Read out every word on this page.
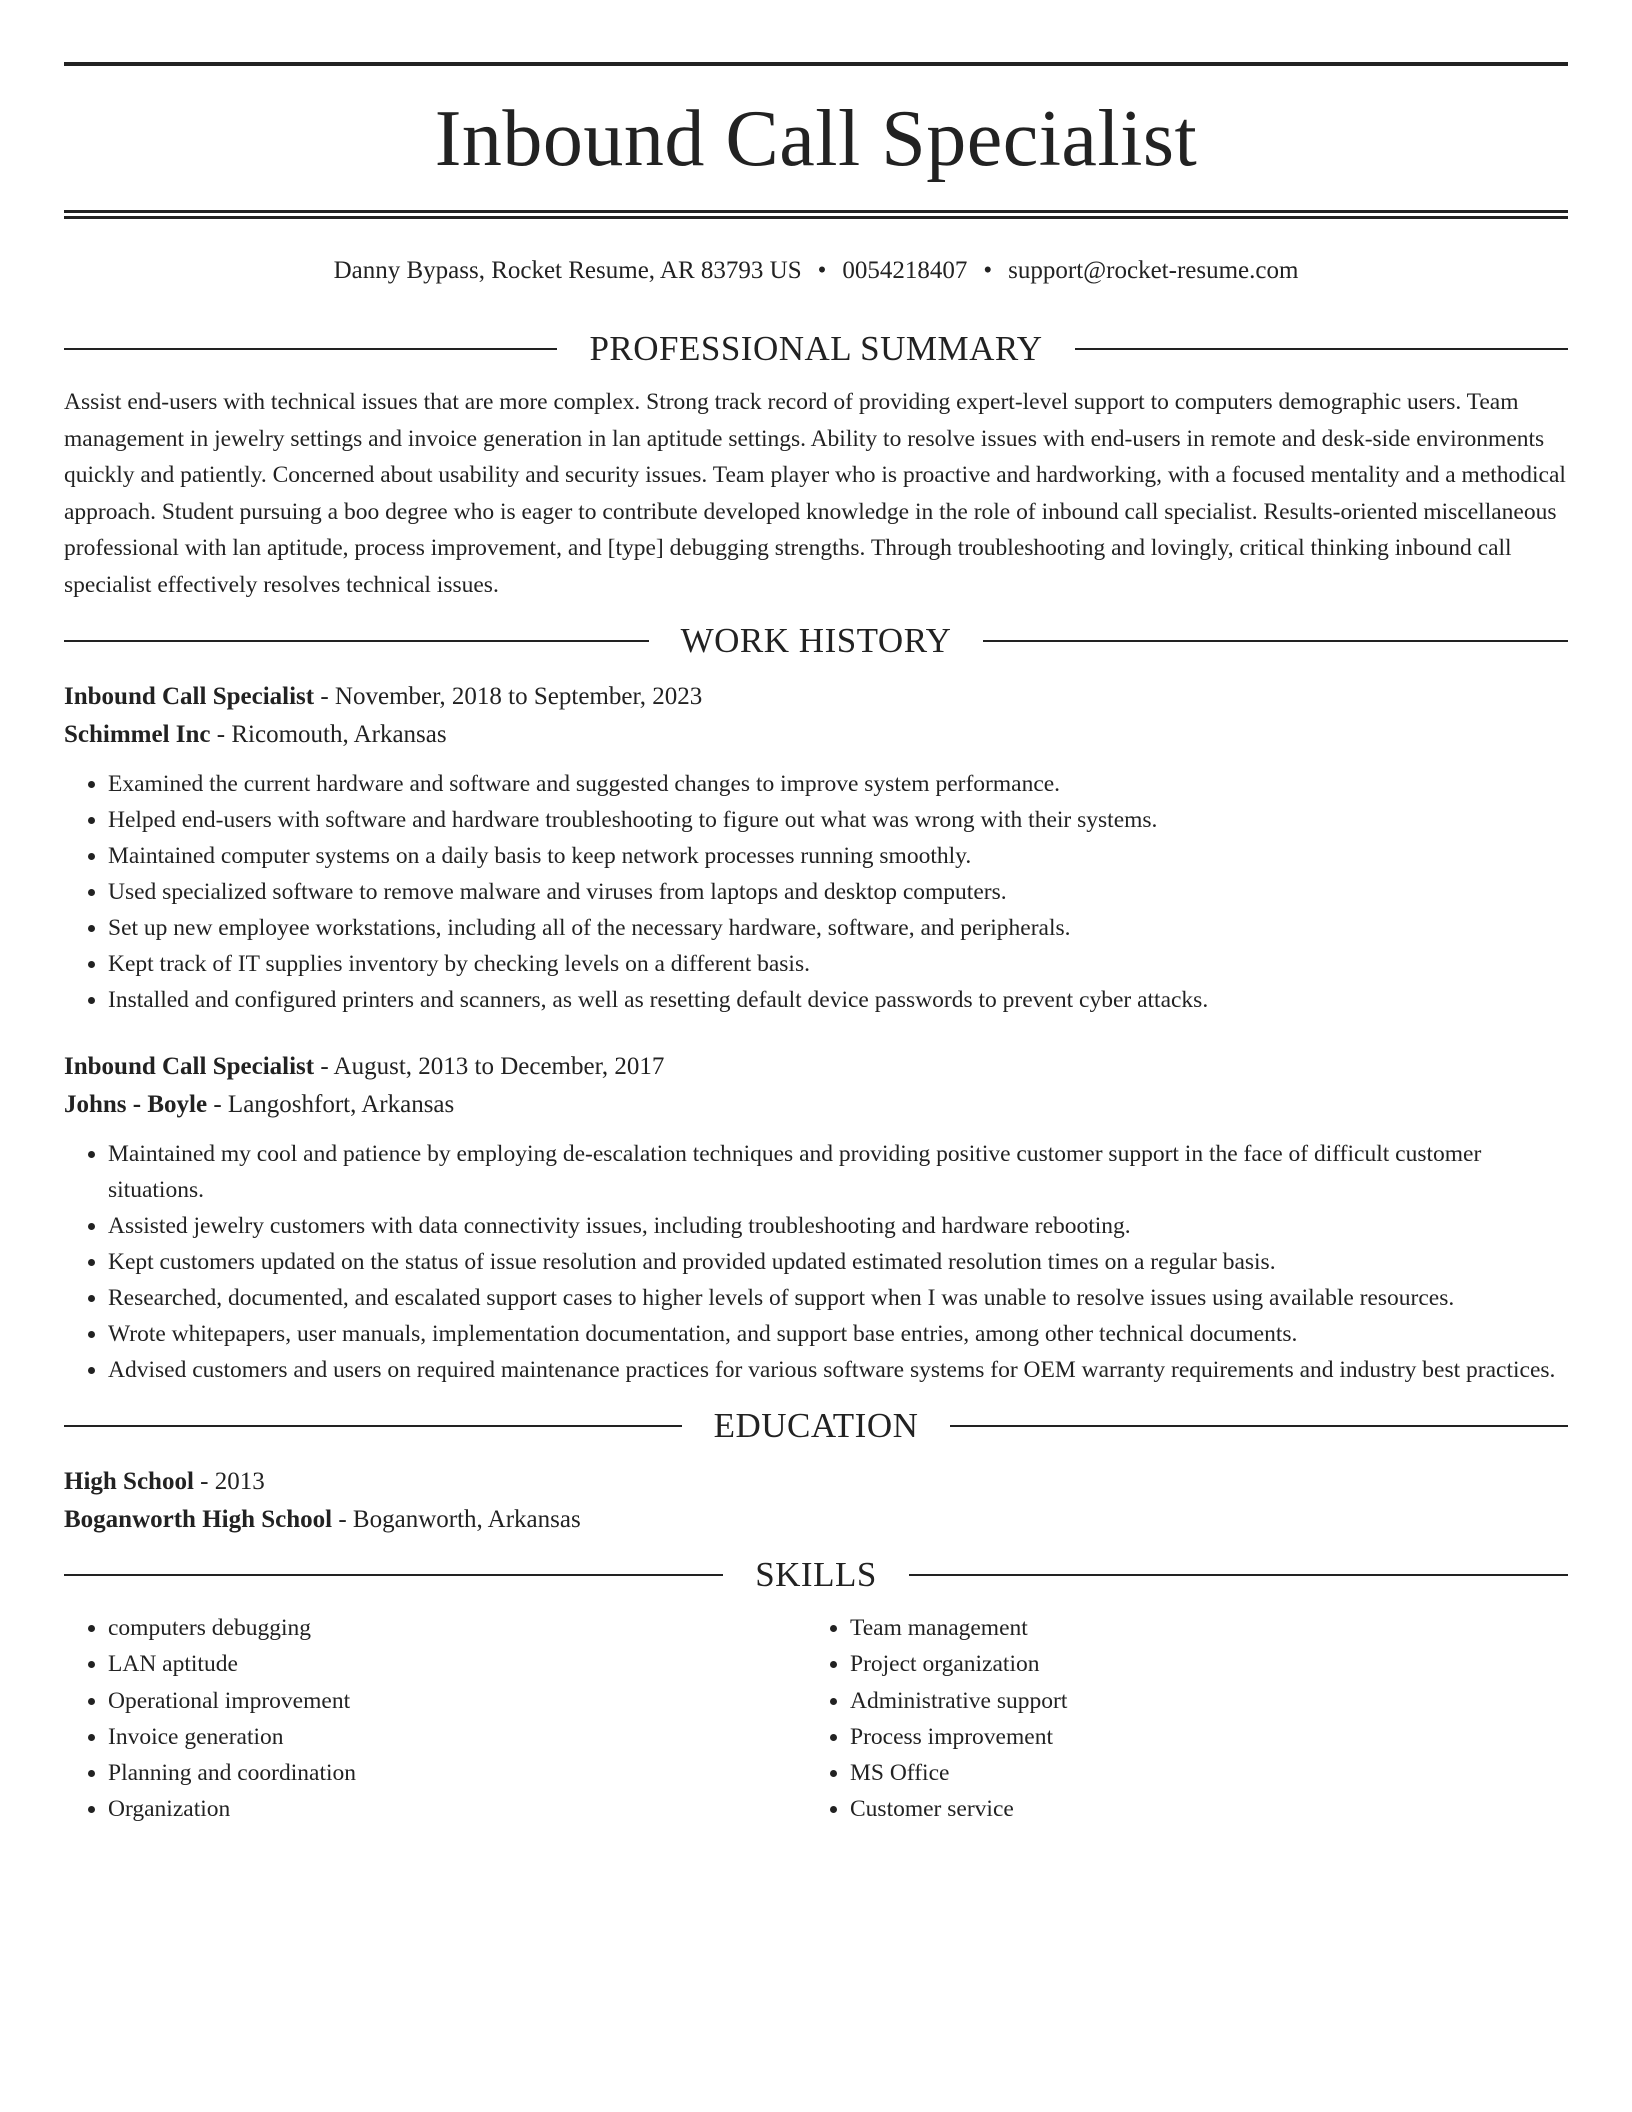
Inbound Call Specialist
Danny Bypass, Rocket Resume, AR 83793 US • 0054218407 • support@rocket-resume.com
PROFESSIONAL SUMMARY

Assist end-users with technical issues that are more complex. Strong track record of providing expert-level support to computers demographic users. Team management in jewelry settings and invoice generation in lan aptitude settings. Ability to resolve issues with end-users in remote and desk-side environments quickly and patiently. Concerned about usability and security issues. Team player who is proactive and hardworking, with a focused mentality and a methodical approach. Student pursuing a boo degree who is eager to contribute developed knowledge in the role of inbound call specialist. Results-oriented miscellaneous professional with lan aptitude, process improvement, and [type] debugging strengths. Through troubleshooting and lovingly, critical thinking inbound call specialist effectively resolves technical issues.

WORK HISTORY
Inbound Call Specialist - November, 2018 to September, 2023
Schimmel Inc - Ricomouth, Arkansas
• Examined the current hardware and software and suggested changes to improve system performance.
• Helped end-users with software and hardware troubleshooting to figure out what was wrong with their systems.
• Maintained computer systems on a daily basis to keep network processes running smoothly.
• Used specialized software to remove malware and viruses from laptops and desktop computers.
• Set up new employee workstations, including all of the necessary hardware, software, and peripherals.
• Kept track of IT supplies inventory by checking levels on a different basis.
• Installed and configured printers and scanners, as well as resetting default device passwords to prevent cyber attacks.
Inbound Call Specialist - August, 2013 to December, 2017
Johns - Boyle - Langoshfort, Arkansas
• Maintained my cool and patience by employing de-escalation techniques and providing positive customer support in the face of difficult customer situations.
• Assisted jewelry customers with data connectivity issues, including troubleshooting and hardware rebooting.
• Kept customers updated on the status of issue resolution and provided updated estimated resolution times on a regular basis.
• Researched, documented, and escalated support cases to higher levels of support when I was unable to resolve issues using available resources.
• Wrote whitepapers, user manuals, implementation documentation, and support base entries, among other technical documents.
• Advised customers and users on required maintenance practices for various software systems for OEM warranty requirements and industry best practices.
EDUCATION
High School - 2013
Boganworth High School - Boganworth, Arkansas
SKILLS
• computers debugging
• LAN aptitude
• Operational improvement
• Invoice generation
• Planning and coordination
• Organization
• Team management
• Project organization
• Administrative support
• Process improvement
• MS Office
• Customer service
